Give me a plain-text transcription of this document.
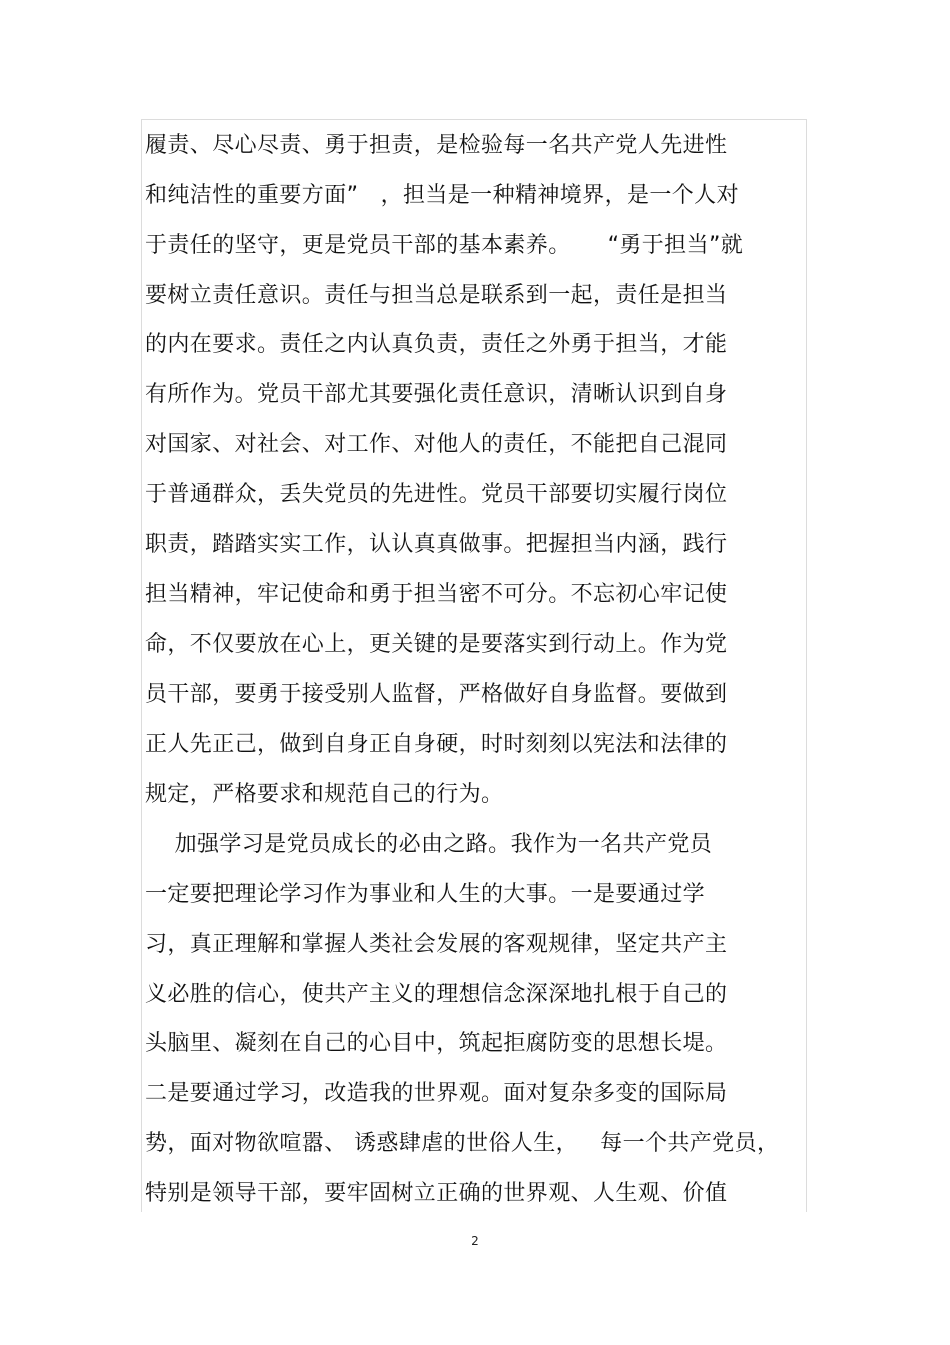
履责、尽心尽责、勇于担责，是检验每一名共产党人先进性
和纯洁性的重要方面”   ，担当是一种精神境界，是一个人对
于责任的坚守，更是党员干部的基本素养。     “勇于担当”就
要树立责任意识。责任与担当总是联系到一起，责任是担当
的内在要求。责任之内认真负责，责任之外勇于担当，才能
有所作为。党员干部尤其要强化责任意识，清晰认识到自身
对国家、对社会、对工作、对他人的责任，不能把自己混同
于普通群众，丢失党员的先进性。党员干部要切实履行岗位
职责，踏踏实实工作，认认真真做事。把握担当内涵，践行
担当精神，牢记使命和勇于担当密不可分。不忘初心牢记使
命，不仅要放在心上，更关键的是要落实到行动上。作为党
员干部，要勇于接受别人监督，严格做好自身监督。要做到
正人先正己，做到自身正自身硬，时时刻刻以宪法和法律的
规定，严格要求和规范自己的行为。
加强学习是党员成长的必由之路。我作为一名共产党员
一定要把理论学习作为事业和人生的大事。一是要通过学
习，真正理解和掌握人类社会发展的客观规律，坚定共产主
义必胜的信心，使共产主义的理想信念深深地扎根于自己的
头脑里、凝刻在自己的心目中，筑起拒腐防变的思想长堤。
二是要通过学习，改造我的世界观。面对复杂多变的国际局
势，面对物欲喧嚣、 诱惑肆虐的世俗人生，   每一个共产党员，
特别是领导干部，要牢固树立正确的世界观、人生观、价值
2
